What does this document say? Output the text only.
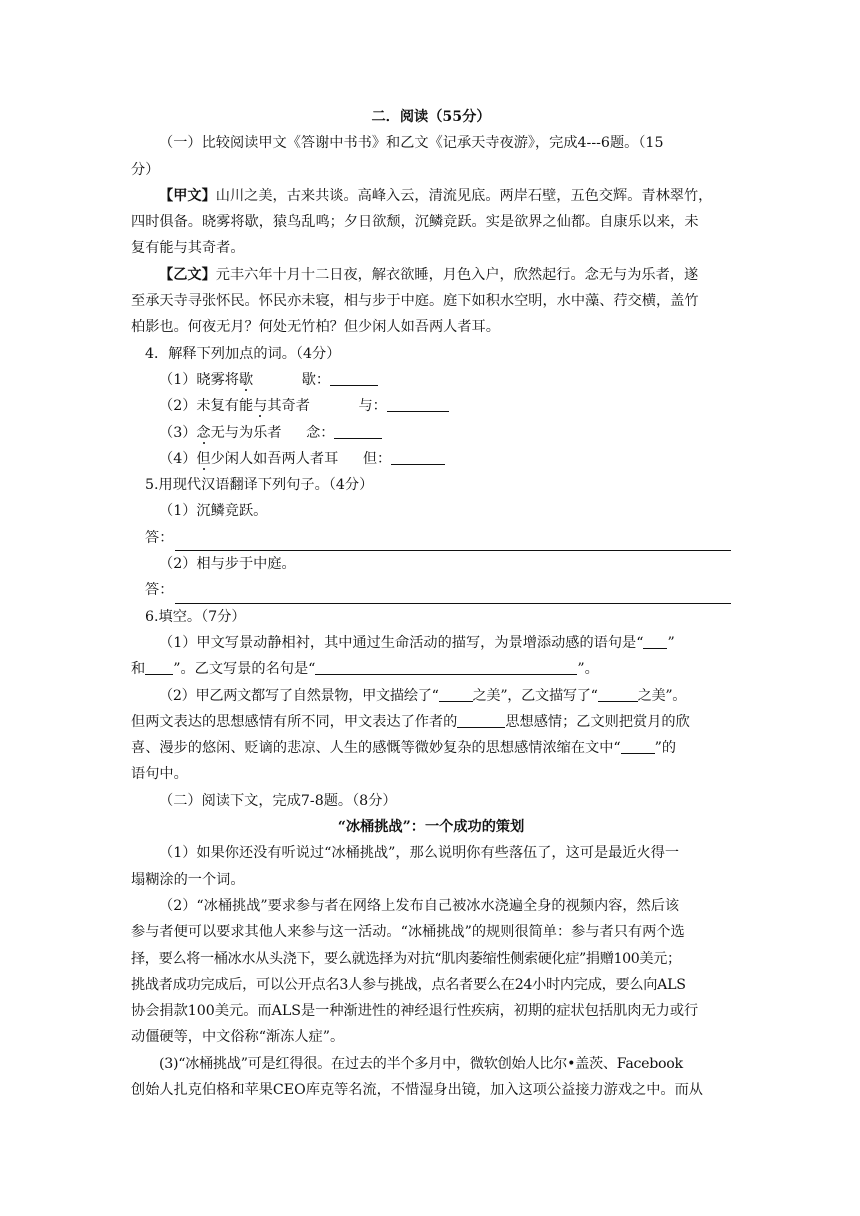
二．阅读（55分）
（一）比较阅读甲文《答谢中书书》和乙文《记承天寺夜游》，完成4---6题。（15
分）
【甲文】山川之美，古来共谈。高峰入云，清流见底。两岸石壁，五色交辉。青林翠竹，
四时俱备。晓雾将歇，猿鸟乱鸣；夕日欲颓，沉鳞竞跃。实是欲界之仙都。自康乐以来，未
复有能与其奇者。
【乙文】元丰六年十月十二日夜，解衣欲睡，月色入户，欣然起行。念无与为乐者，遂
至承天寺寻张怀民。怀民亦未寝，相与步于中庭。庭下如积水空明，水中藻、荇交横，盖竹
柏影也。何夜无月？何处无竹柏？但少闲人如吾两人者耳。
4．解释下列加点的词。（4分）
（1）晓雾将歇	歇：
（2）未复有能与其奇者	与：
（3）念无与为乐者 念：
（4）但少闲人如吾两人者耳 但：
5.用现代汉语翻译下列句子。（4分）
（1）沉鳞竞跃。
答：
（2）相与步于中庭。
答：
6.填空。（7分）
（1）甲文写景动静相衬，其中通过生命活动的描写，为景增添动感的语句是“ ”
和 ”。乙文写景的名句是“	”。
（2）甲乙两文都写了自然景物，甲文描绘了“ 之美”，乙文描写了“	之美”。
但两文表达的思想感情有所不同，甲文表达了作者的	思想感情；乙文则把赏月的欣
喜、漫步的悠闲、贬谪的悲凉、人生的感慨等微妙复杂的思想感情浓缩在文中“ ”的
语句中。
（二）阅读下文，完成7-8题。（8分）
“冰桶挑战”：一个成功的策划
（1）如果你还没有听说过“冰桶挑战”，那么说明你有些落伍了，这可是最近火得一
塌糊涂的一个词。
（2）“冰桶挑战”要求参与者在网络上发布自己被冰水浇遍全身的视频内容，然后该
参与者便可以要求其他人来参与这一活动。“冰桶挑战”的规则很简单：参与者只有两个选
择，要么将一桶冰水从头浇下，要么就选择为对抗“肌肉萎缩性侧索硬化症”捐赠100美元；
挑战者成功完成后，可以公开点名3人参与挑战，点名者要么在24小时内完成，要么向ALS
协会捐款100美元。而ALS是一种渐进性的神经退行性疾病，初期的症状包括肌肉无力或行
动僵硬等，中文俗称“渐冻人症”。
(3)“冰桶挑战”可是红得很。在过去的半个多月中，微软创始人比尔•盖茨、Facebook
创始人扎克伯格和苹果CEO库克等名流，不惜湿身出镜，加入这项公益接力游戏之中。而从
